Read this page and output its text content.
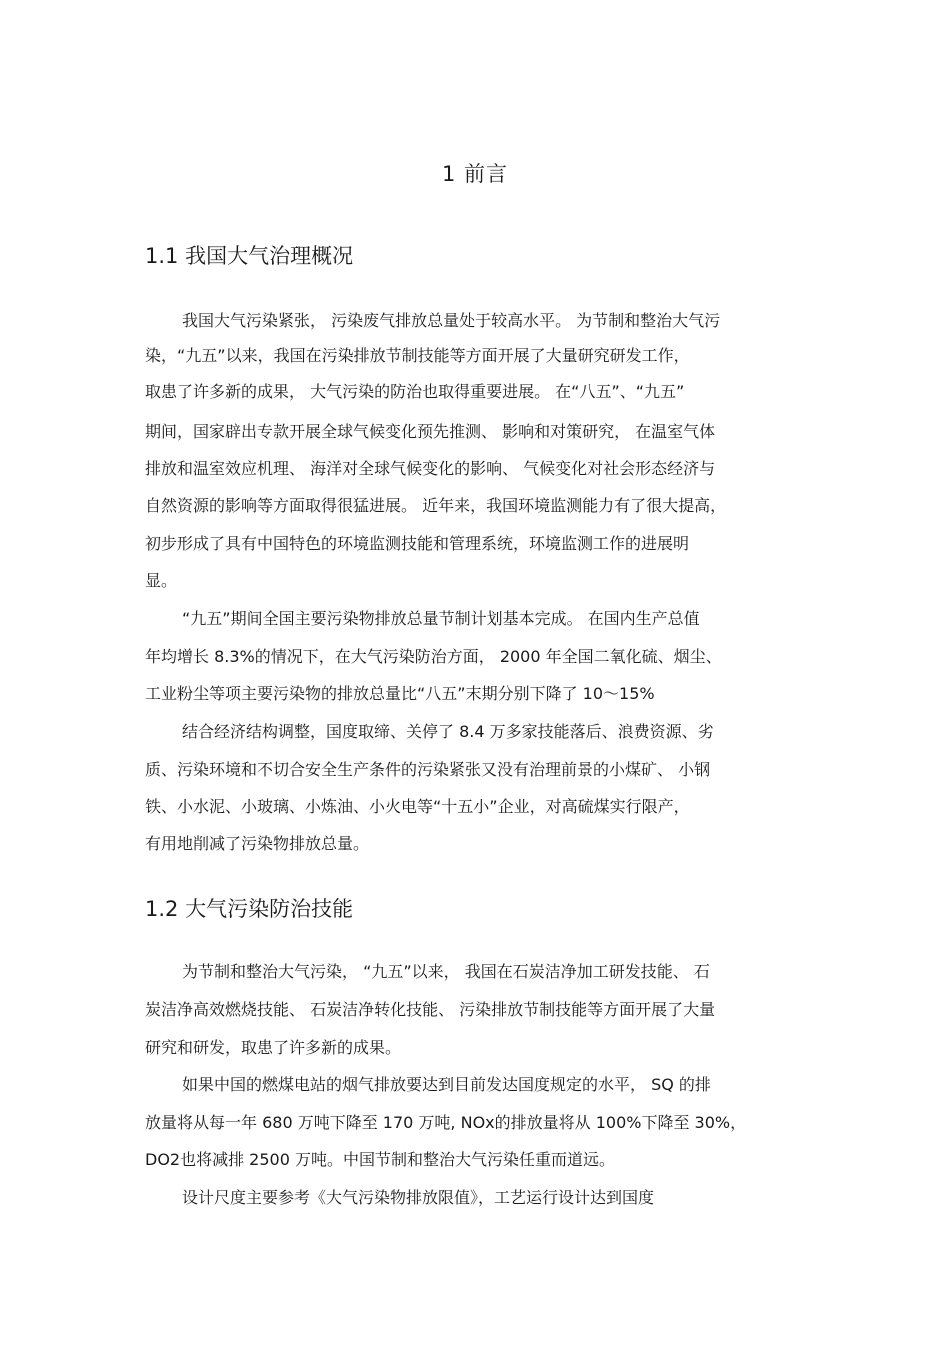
1 前言
1.1 我国大气治理概况

我国大气污染紧张， 污染废气排放总量处于较高水平。 为节制和整治大气污

染，“九五”以来，我国在污染排放节制技能等方面开展了大量研究研发工作，

取患了许多新的成果， 大气污染的防治也取得重要进展。 在“八五”、“九五”

期间，国家辟出专款开展全球气候变化预先推测、 影响和对策研究， 在温室气体

排放和温室效应机理、 海洋对全球气候变化的影响、 气候变化对社会形态经济与

自然资源的影响等方面取得很猛进展。 近年来，我国环境监测能力有了很大提高，

初步形成了具有中国特色的环境监测技能和管理系统，环境监测工作的进展明

显。

“九五”期间全国主要污染物排放总量节制计划基本完成。 在国内生产总值

年均增长 8.3%的情况下，在大气污染防治方面， 2000 年全国二氧化硫、烟尘、

工业粉尘等项主要污染物的排放总量比“八五”末期分别下降了 10～15%

结合经济结构调整，国度取缔、关停了 8.4 万多家技能落后、浪费资源、劣

质、污染环境和不切合安全生产条件的污染紧张又没有治理前景的小煤矿、 小钢

铁、小水泥、小玻璃、小炼油、小火电等“十五小”企业，对高硫煤实行限产，

有用地削减了污染物排放总量。

1.2 大气污染防治技能

为节制和整治大气污染， “九五”以来， 我国在石炭洁净加工研发技能、 石

炭洁净高效燃烧技能、 石炭洁净转化技能、 污染排放节制技能等方面开展了大量

研究和研发，取患了许多新的成果。

如果中国的燃煤电站的烟气排放要达到目前发达国度规定的水平， SQ 的排

放量将从每一年 680 万吨下降至 170 万吨, NOx的排放量将从 100%下降至 30%，

DO2也将减排 2500 万吨。中国节制和整治大气污染任重而道远。

设计尺度主要参考《大气污染物排放限值》，工艺运行设计达到国度
